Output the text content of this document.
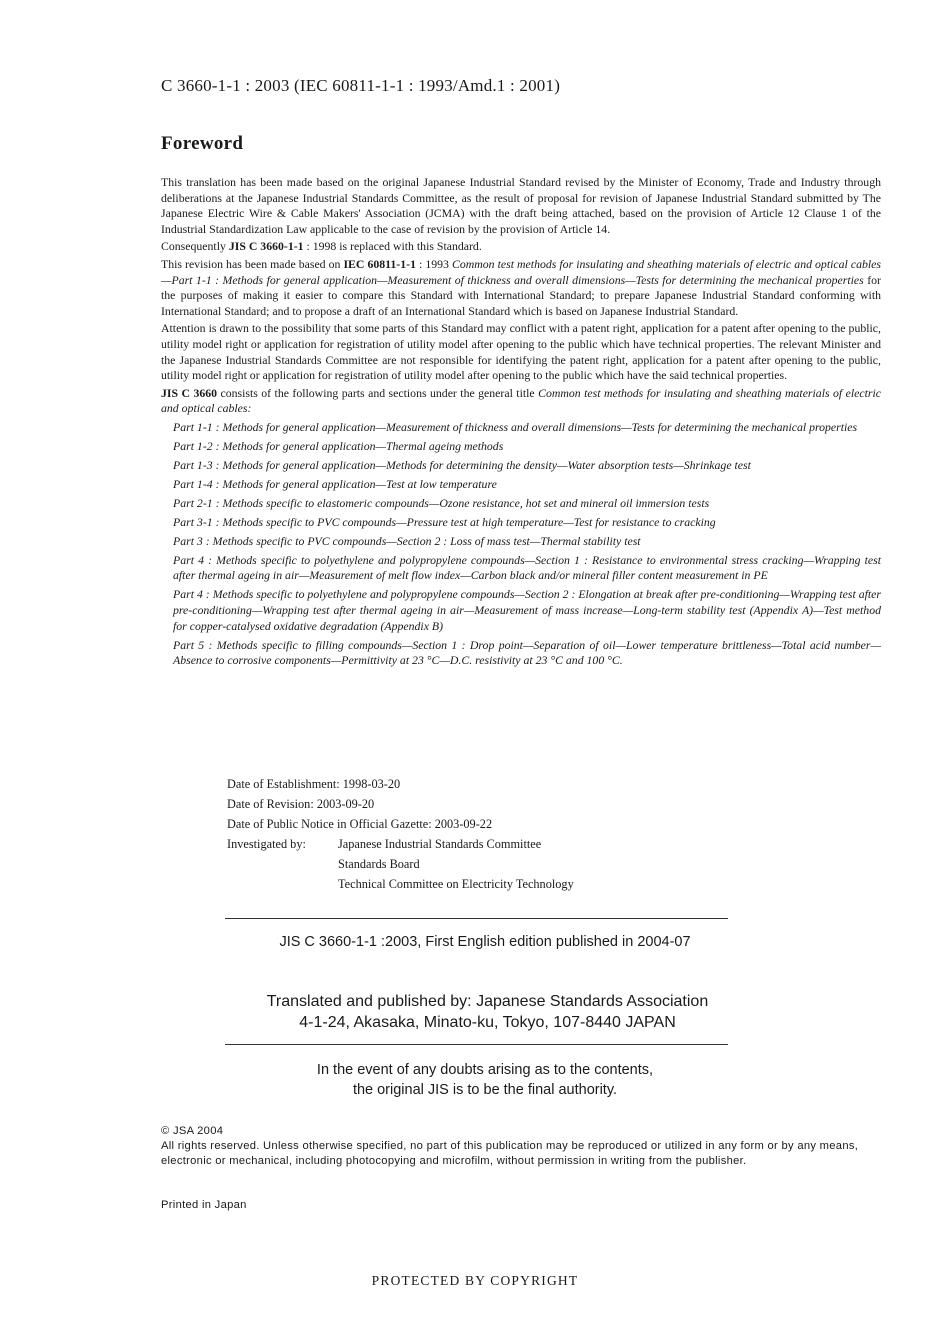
C 3660-1-1 : 2003 (IEC 60811-1-1 : 1993/Amd.1 : 2001)
Foreword

This translation has been made based on the original Japanese Industrial Standard revised by the Minister of Economy, Trade and Industry through deliberations at the Japanese Industrial Standards Committee, as the result of proposal for revision of Japanese Industrial Standard submitted by The Japanese Electric Wire & Cable Makers' Association (JCMA) with the draft being attached, based on the provision of Article 12 Clause 1 of the Industrial Standardization Law applicable to the case of revision by the provision of Article 14.

Consequently JIS C 3660-1-1 : 1998 is replaced with this Standard.

This revision has been made based on IEC 60811-1-1 : 1993 Common test methods for insulating and sheathing materials of electric and optical cables—Part 1-1 : Methods for general application—Measurement of thickness and overall dimensions—Tests for determining the mechanical properties for the purposes of making it easier to compare this Standard with International Standard; to prepare Japanese Industrial Standard conforming with International Standard; and to propose a draft of an International Standard which is based on Japanese Industrial Standard.

Attention is drawn to the possibility that some parts of this Standard may conflict with a patent right, application for a patent after opening to the public, utility model right or application for registration of utility model after opening to the public which have technical properties. The relevant Minister and the Japanese Industrial Standards Committee are not responsible for identifying the patent right, application for a patent after opening to the public, utility model right or application for registration of utility model after opening to the public which have the said technical properties.

JIS C 3660 consists of the following parts and sections under the general title Common test methods for insulating and sheathing materials of electric and optical cables:

Part 1-1 : Methods for general application—Measurement of thickness and overall dimensions—Tests for determining the mechanical properties
Part 1-2 : Methods for general application—Thermal ageing methods
Part 1-3 : Methods for general application—Methods for determining the density—Water absorption tests—Shrinkage test
Part 1-4 : Methods for general application—Test at low temperature
Part 2-1 : Methods specific to elastomeric compounds—Ozone resistance, hot set and mineral oil immersion tests
Part 3-1 : Methods specific to PVC compounds—Pressure test at high temperature—Test for resistance to cracking
Part 3 : Methods specific to PVC compounds—Section 2 : Loss of mass test—Thermal stability test
Part 4 : Methods specific to polyethylene and polypropylene compounds—Section 1 : Resistance to environmental stress cracking—Wrapping test after thermal ageing in air—Measurement of melt flow index—Carbon black and/or mineral filler content measurement in PE
Part 4 : Methods specific to polyethylene and polypropylene compounds—Section 2 : Elongation at break after pre-conditioning—Wrapping test after pre-conditioning—Wrapping test after thermal ageing in air—Measurement of mass increase—Long-term stability test (Appendix A)—Test method for copper-catalysed oxidative degradation (Appendix B)
Part 5 : Methods specific to filling compounds—Section 1 : Drop point—Separation of oil—Lower temperature brittleness—Total acid number—Absence to corrosive components—Permittivity at 23 °C—D.C. resistivity at 23 °C and 100 °C.
Date of Establishment: 1998-03-20
Date of Revision: 2003-09-20
Date of Public Notice in Official Gazette: 2003-09-22
Investigated by:	Japanese Industrial Standards Committee
Standards Board
Technical Committee on Electricity Technology
JIS C 3660-1-1 :2003, First English edition published in 2004-07
Translated and published by: Japanese Standards Association
4-1-24, Akasaka, Minato-ku, Tokyo, 107-8440 JAPAN
In the event of any doubts arising as to the contents,
the original JIS is to be the final authority.
© JSA 2004
All rights reserved. Unless otherwise specified, no part of this publication may be reproduced or utilized in any form or by any means, electronic or mechanical, including photocopying and microfilm, without permission in writing from the publisher.
Printed in Japan
PROTECTED BY COPYRIGHT
